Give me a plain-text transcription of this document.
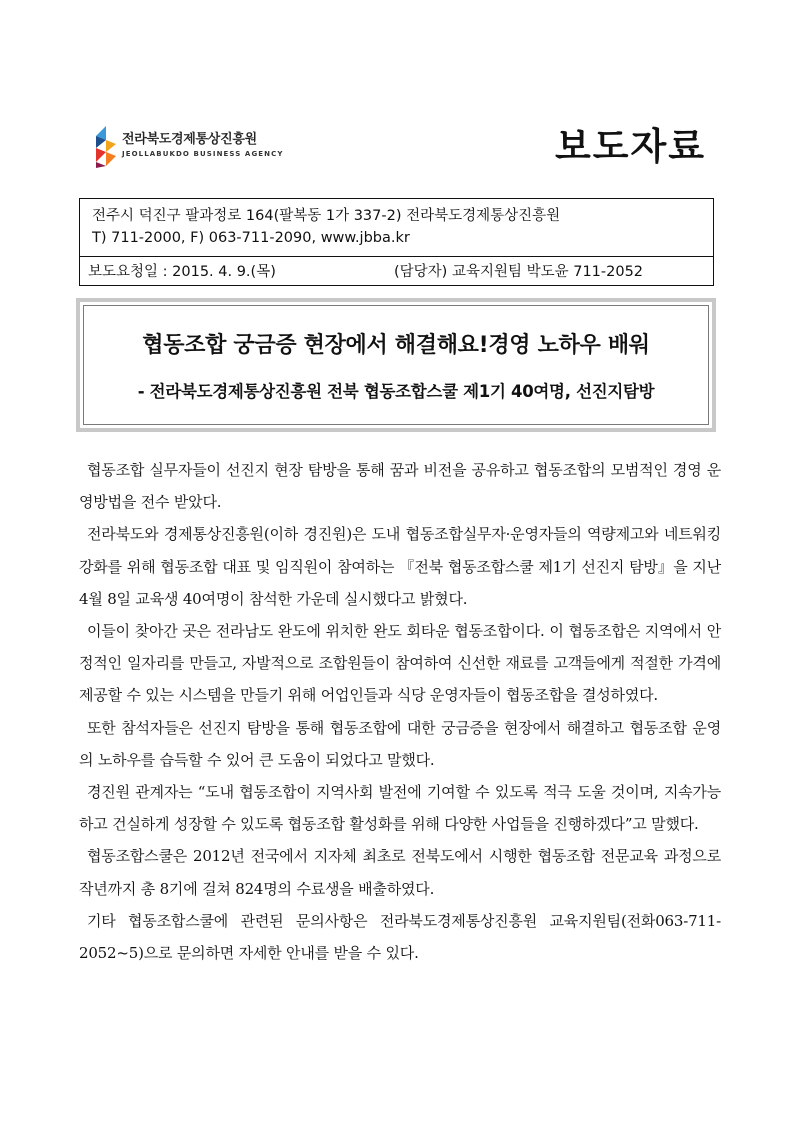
전라북도경제통상진흥원
JEOLLABUKDO BUSINESS AGENCY	보도자료
전주시 덕진구 팔과정로 164(팔복동 1가 337-2) 전라북도경제통상진흥원
T) 711-2000, F) 063-711-2090, www.jbba.kr
보도요청일 : 2015. 4. 9.(목)	(담당자) 교육지원팀 박도윤 711-2052
협동조합 궁금증 현장에서 해결해요!경영 노하우 배워
- 전라북도경제통상진흥원 전북 협동조합스쿨 제1기 40여명, 선진지탐방

협동조합 실무자들이 선진지 현장 탐방을 통해 꿈과 비전을 공유하고 협동조합의 모범적인 경영 운영방법을 전수 받았다.

전라북도와 경제통상진흥원(이하 경진원)은 도내 협동조합실무자·운영자들의 역량제고와 네트워킹 강화를 위해 협동조합 대표 및 임직원이 참여하는 『전북 협동조합스쿨 제1기 선진지 탐방』을 지난 4월 8일 교육생 40여명이 참석한 가운데 실시했다고 밝혔다.

이들이 찾아간 곳은 전라남도 완도에 위치한 완도 회타운 협동조합이다. 이 협동조합은 지역에서 안정적인 일자리를 만들고, 자발적으로 조합원들이 참여하여 신선한 재료를 고객들에게 적절한 가격에 제공할 수 있는 시스템을 만들기 위해 어업인들과 식당 운영자들이 협동조합을 결성하였다.

또한 참석자들은 선진지 탐방을 통해 협동조합에 대한 궁금증을 현장에서 해결하고 협동조합 운영의 노하우를 습득할 수 있어 큰 도움이 되었다고 말했다.

경진원 관계자는 “도내 협동조합이 지역사회 발전에 기여할 수 있도록 적극 도울 것이며, 지속가능하고 건실하게 성장할 수 있도록 협동조합 활성화를 위해 다양한 사업들을 진행하겠다”고 말했다.

협동조합스쿨은 2012년 전국에서 지자체 최초로 전북도에서 시행한 협동조합 전문교육 과정으로 작년까지 총 8기에 걸쳐 824명의 수료생을 배출하였다.

기타 협동조합스쿨에 관련된 문의사항은 전라북도경제통상진흥원 교육지원팀(전화063-711-2052~5)으로 문의하면 자세한 안내를 받을 수 있다.
